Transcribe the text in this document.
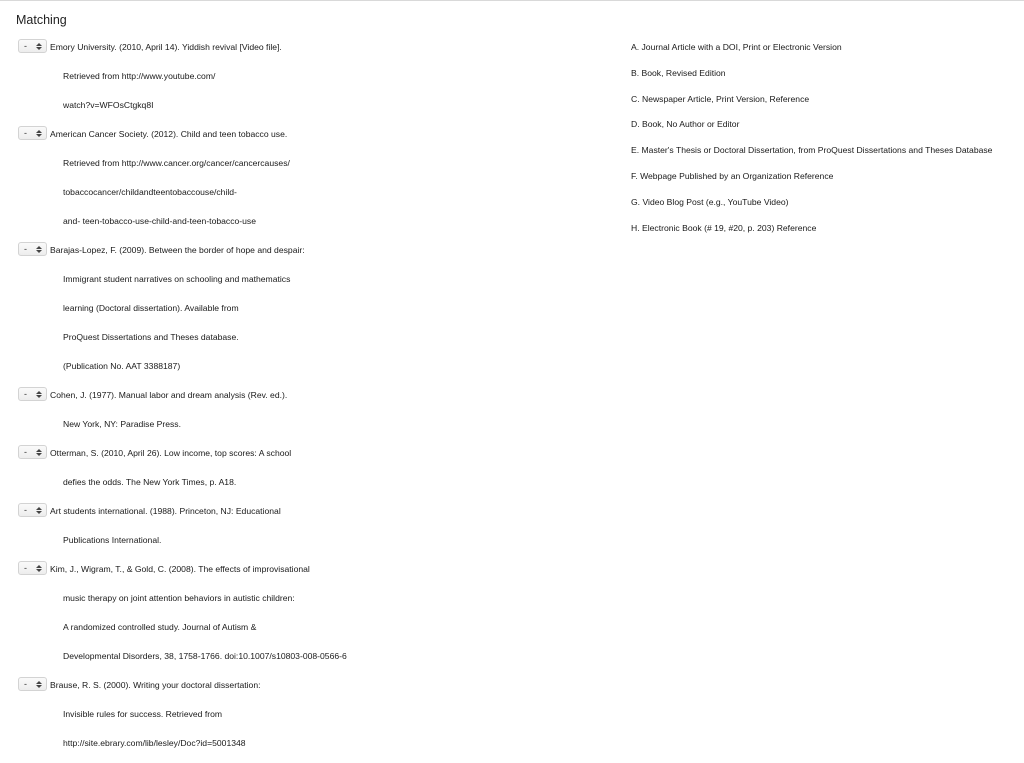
Matching
-	Emory University. (2010, April 14). Yiddish revival [Video file].
Retrieved from http://www.youtube.com/
watch?v=WFOsCtgkq8I
-	American Cancer Society. (2012). Child and teen tobacco use.
Retrieved from http://www.cancer.org/cancer/cancercauses/
tobaccocancer/childandteentobaccouse/child-
and- teen-tobacco-use-child-and-teen-tobacco-use
-	Barajas-Lopez, F. (2009). Between the border of hope and despair:
Immigrant student narratives on schooling and mathematics
learning (Doctoral dissertation). Available from
ProQuest Dissertations and Theses database.
(Publication No. AAT 3388187)
-	Cohen, J. (1977). Manual labor and dream analysis (Rev. ed.).
New York, NY: Paradise Press.
-	Otterman, S. (2010, April 26). Low income, top scores: A school
defies the odds. The New York Times, p. A18.
-	Art students international. (1988). Princeton, NJ: Educational
Publications International.
-	Kim, J., Wigram, T., & Gold, C. (2008). The effects of improvisational
music therapy on joint attention behaviors in autistic children:
A randomized controlled study. Journal of Autism &
Developmental Disorders, 38, 1758-1766. doi:10.1007/s10803-008-0566-6
-	Brause, R. S. (2000). Writing your doctoral dissertation:
Invisible rules for success. Retrieved from
http://site.ebrary.com/lib/lesley/Doc?id=5001348
A. Journal Article with a DOI, Print or Electronic Version
B. Book, Revised Edition
C. Newspaper Article, Print Version, Reference
D. Book, No Author or Editor
E. Master's Thesis or Doctoral Dissertation, from ProQuest Dissertations and Theses Database
F. Webpage Published by an Organization Reference
G. Video Blog Post (e.g., YouTube Video)
H. Electronic Book (# 19, #20, p. 203) Reference
